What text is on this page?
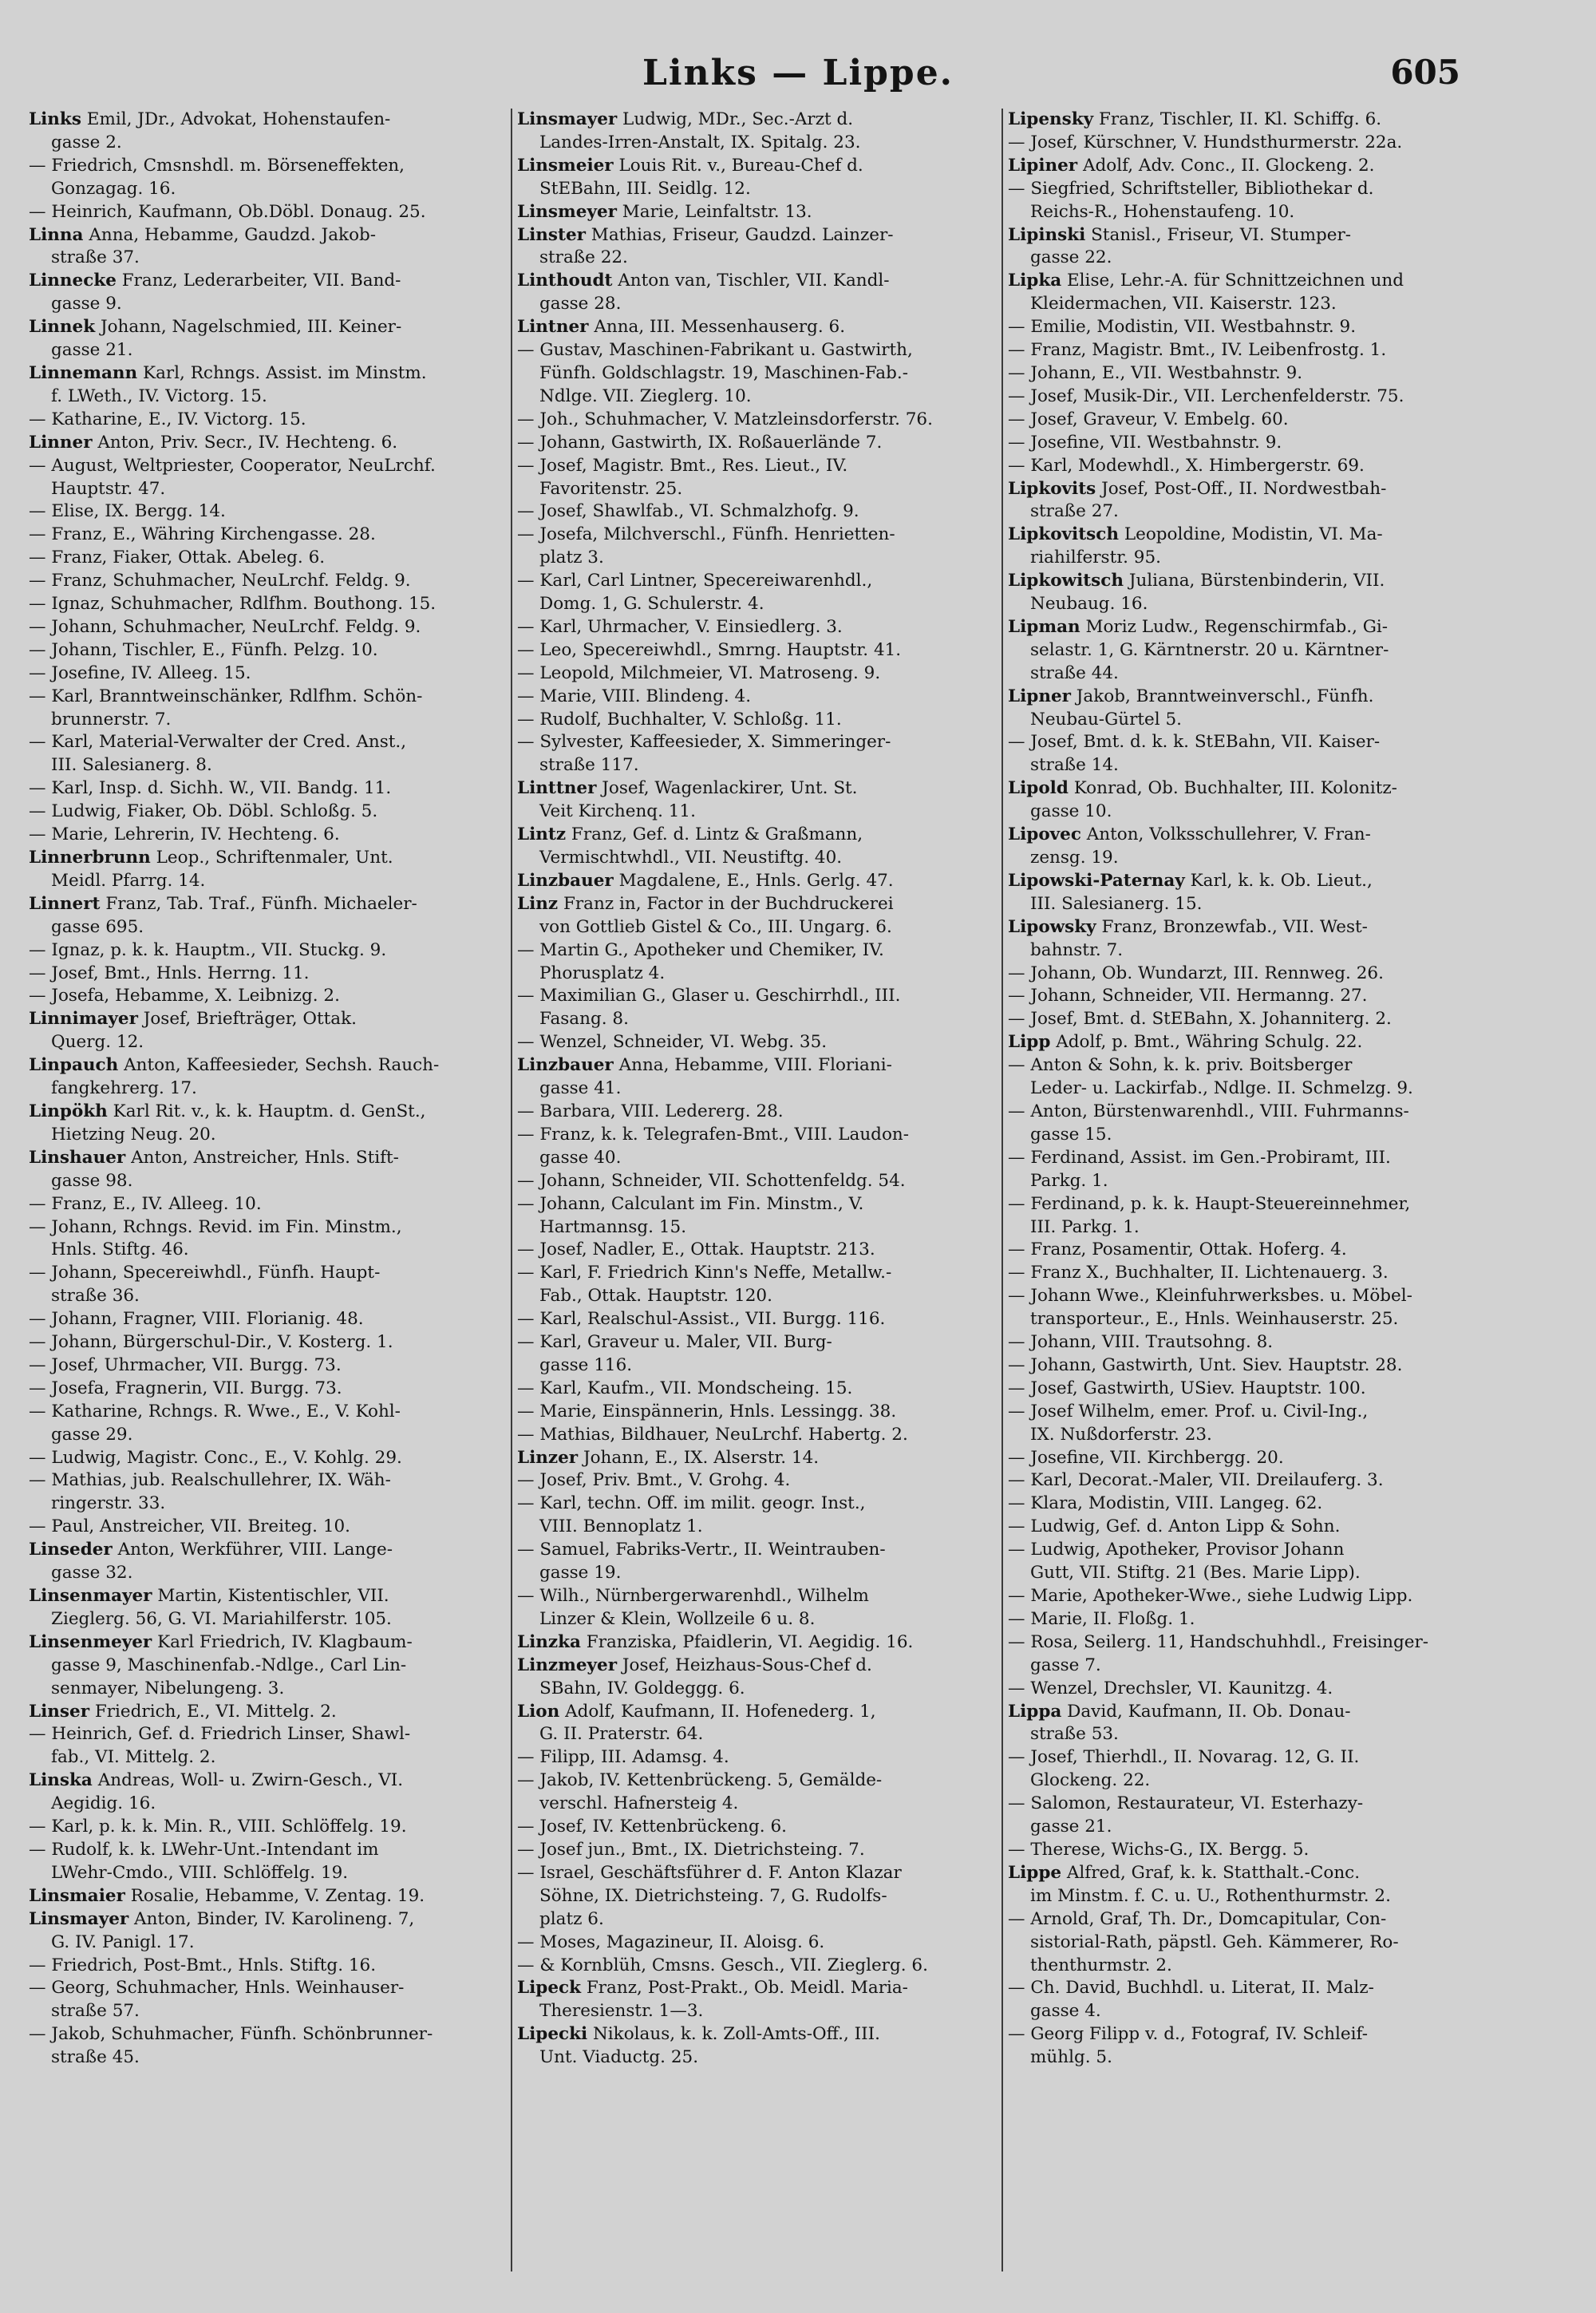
Links — Lippe.	605
Links Emil, JDr., Advokat, Hohenstaufen-
gasse 2.
— Friedrich, Cmsnshdl. m. Börseneffekten,
Gonzagag. 16.
— Heinrich, Kaufmann, Ob.Döbl. Donaug. 25.
Linna Anna, Hebamme, Gaudzd. Jakob-
straße 37.
Linnecke Franz, Lederarbeiter, VII. Band-
gasse 9.
Linnek Johann, Nagelschmied, III. Keiner-
gasse 21.
Linnemann Karl, Rchngs. Assist. im Minstm.
f. LWeth., IV. Victorg. 15.
— Katharine, E., IV. Victorg. 15.
Linner Anton, Priv. Secr., IV. Hechteng. 6.
— August, Weltpriester, Cooperator, NeuLrchf.
Hauptstr. 47.
— Elise, IX. Bergg. 14.
— Franz, E., Währing Kirchengasse. 28.
— Franz, Fiaker, Ottak. Abeleg. 6.
— Franz, Schuhmacher, NeuLrchf. Feldg. 9.
— Ignaz, Schuhmacher, Rdlfhm. Bouthong. 15.
— Johann, Schuhmacher, NeuLrchf. Feldg. 9.
— Johann, Tischler, E., Fünfh. Pelzg. 10.
— Josefine, IV. Alleeg. 15.
— Karl, Branntweinschänker, Rdlfhm. Schön-
brunnerstr. 7.
— Karl, Material-Verwalter der Cred. Anst.,
III. Salesianerg. 8.
— Karl, Insp. d. Sichh. W., VII. Bandg. 11.
— Ludwig, Fiaker, Ob. Döbl. Schloßg. 5.
— Marie, Lehrerin, IV. Hechteng. 6.
Linnerbrunn Leop., Schriftenmaler, Unt.
Meidl. Pfarrg. 14.
Linnert Franz, Tab. Traf., Fünfh. Michaeler-
gasse 695.
— Ignaz, p. k. k. Hauptm., VII. Stuckg. 9.
— Josef, Bmt., Hnls. Herrng. 11.
— Josefa, Hebamme, X. Leibnizg. 2.
Linnimayer Josef, Briefträger, Ottak.
Querg. 12.
Linpauch Anton, Kaffeesieder, Sechsh. Rauch-
fangkehrerg. 17.
Linpökh Karl Rit. v., k. k. Hauptm. d. GenSt.,
Hietzing Neug. 20.
Linshauer Anton, Anstreicher, Hnls. Stift-
gasse 98.
— Franz, E., IV. Alleeg. 10.
— Johann, Rchngs. Revid. im Fin. Minstm.,
Hnls. Stiftg. 46.
— Johann, Specereiwhdl., Fünfh. Haupt-
straße 36.
— Johann, Fragner, VIII. Florianig. 48.
— Johann, Bürgerschul-Dir., V. Kosterg. 1.
— Josef, Uhrmacher, VII. Burgg. 73.
— Josefa, Fragnerin, VII. Burgg. 73.
— Katharine, Rchngs. R. Wwe., E., V. Kohl-
gasse 29.
— Ludwig, Magistr. Conc., E., V. Kohlg. 29.
— Mathias, jub. Realschullehrer, IX. Wäh-
ringerstr. 33.
— Paul, Anstreicher, VII. Breiteg. 10.
Linseder Anton, Werkführer, VIII. Lange-
gasse 32.
Linsenmayer Martin, Kistentischler, VII.
Zieglerg. 56, G. VI. Mariahilferstr. 105.
Linsenmeyer Karl Friedrich, IV. Klagbaum-
gasse 9, Maschinenfab.-Ndlge., Carl Lin-
senmayer, Nibelungeng. 3.
Linser Friedrich, E., VI. Mittelg. 2.
— Heinrich, Gef. d. Friedrich Linser, Shawl-
fab., VI. Mittelg. 2.
Linska Andreas, Woll- u. Zwirn-Gesch., VI.
Aegidig. 16.
— Karl, p. k. k. Min. R., VIII. Schlöffelg. 19.
— Rudolf, k. k. LWehr-Unt.-Intendant im
LWehr-Cmdo., VIII. Schlöffelg. 19.
Linsmaier Rosalie, Hebamme, V. Zentag. 19.
Linsmayer Anton, Binder, IV. Karolineng. 7,
G. IV. Panigl. 17.
— Friedrich, Post-Bmt., Hnls. Stiftg. 16.
— Georg, Schuhmacher, Hnls. Weinhauser-
straße 57.
— Jakob, Schuhmacher, Fünfh. Schönbrunner-
straße 45.
Linsmayer Ludwig, MDr., Sec.-Arzt d.
Landes-Irren-Anstalt, IX. Spitalg. 23.
Linsmeier Louis Rit. v., Bureau-Chef d.
StEBahn, III. Seidlg. 12.
Linsmeyer Marie, Leinfaltstr. 13.
Linster Mathias, Friseur, Gaudzd. Lainzer-
straße 22.
Linthoudt Anton van, Tischler, VII. Kandl-
gasse 28.
Lintner Anna, III. Messenhauserg. 6.
— Gustav, Maschinen-Fabrikant u. Gastwirth,
Fünfh. Goldschlagstr. 19, Maschinen-Fab.-
Ndlge. VII. Zieglerg. 10.
— Joh., Schuhmacher, V. Matzleinsdorferstr. 76.
— Johann, Gastwirth, IX. Roßauerlände 7.
— Josef, Magistr. Bmt., Res. Lieut., IV.
Favoritenstr. 25.
— Josef, Shawlfab., VI. Schmalzhofg. 9.
— Josefa, Milchverschl., Fünfh. Henrietten-
platz 3.
— Karl, Carl Lintner, Specereiwarenhdl.,
Domg. 1, G. Schulerstr. 4.
— Karl, Uhrmacher, V. Einsiedlerg. 3.
— Leo, Specereiwhdl., Smrng. Hauptstr. 41.
— Leopold, Milchmeier, VI. Matroseng. 9.
— Marie, VIII. Blindeng. 4.
— Rudolf, Buchhalter, V. Schloßg. 11.
— Sylvester, Kaffeesieder, X. Simmeringer-
straße 117.
Linttner Josef, Wagenlackirer, Unt. St.
Veit Kirchenq. 11.
Lintz Franz, Gef. d. Lintz & Graßmann,
Vermischtwhdl., VII. Neustiftg. 40.
Linzbauer Magdalene, E., Hnls. Gerlg. 47.
Linz Franz in, Factor in der Buchdruckerei
von Gottlieb Gistel & Co., III. Ungarg. 6.
— Martin G., Apotheker und Chemiker, IV.
Phorusplatz 4.
— Maximilian G., Glaser u. Geschirrhdl., III.
Fasang. 8.
— Wenzel, Schneider, VI. Webg. 35.
Linzbauer Anna, Hebamme, VIII. Floriani-
gasse 41.
— Barbara, VIII. Ledererg. 28.
— Franz, k. k. Telegrafen-Bmt., VIII. Laudon-
gasse 40.
— Johann, Schneider, VII. Schottenfeldg. 54.
— Johann, Calculant im Fin. Minstm., V.
Hartmannsg. 15.
— Josef, Nadler, E., Ottak. Hauptstr. 213.
— Karl, F. Friedrich Kinn's Neffe, Metallw.-
Fab., Ottak. Hauptstr. 120.
— Karl, Realschul-Assist., VII. Burgg. 116.
— Karl, Graveur u. Maler, VII. Burg-
gasse 116.
— Karl, Kaufm., VII. Mondscheing. 15.
— Marie, Einspännerin, Hnls. Lessingg. 38.
— Mathias, Bildhauer, NeuLrchf. Habertg. 2.
Linzer Johann, E., IX. Alserstr. 14.
— Josef, Priv. Bmt., V. Grohg. 4.
— Karl, techn. Off. im milit. geogr. Inst.,
VIII. Bennoplatz 1.
— Samuel, Fabriks-Vertr., II. Weintrauben-
gasse 19.
— Wilh., Nürnbergerwarenhdl., Wilhelm
Linzer & Klein, Wollzeile 6 u. 8.
Linzka Franziska, Pfaidlerin, VI. Aegidig. 16.
Linzmeyer Josef, Heizhaus-Sous-Chef d.
SBahn, IV. Goldeggg. 6.
Lion Adolf, Kaufmann, II. Hofenederg. 1,
G. II. Praterstr. 64.
— Filipp, III. Adamsg. 4.
— Jakob, IV. Kettenbrückeng. 5, Gemälde-
verschl. Hafnersteig 4.
— Josef, IV. Kettenbrückeng. 6.
— Josef jun., Bmt., IX. Dietrichsteing. 7.
— Israel, Geschäftsführer d. F. Anton Klazar
Söhne, IX. Dietrichsteing. 7, G. Rudolfs-
platz 6.
— Moses, Magazineur, II. Aloisg. 6.
— & Kornblüh, Cmsns. Gesch., VII. Zieglerg. 6.
Lipeck Franz, Post-Prakt., Ob. Meidl. Maria-
Theresienstr. 1—3.
Lipecki Nikolaus, k. k. Zoll-Amts-Off., III.
Unt. Viaductg. 25.
Lipensky Franz, Tischler, II. Kl. Schiffg. 6.
— Josef, Kürschner, V. Hundsthurmerstr. 22a.
Lipiner Adolf, Adv. Conc., II. Glockeng. 2.
— Siegfried, Schriftsteller, Bibliothekar d.
Reichs-R., Hohenstaufeng. 10.
Lipinski Stanisl., Friseur, VI. Stumper-
gasse 22.
Lipka Elise, Lehr.-A. für Schnittzeichnen und
Kleidermachen, VII. Kaiserstr. 123.
— Emilie, Modistin, VII. Westbahnstr. 9.
— Franz, Magistr. Bmt., IV. Leibenfrostg. 1.
— Johann, E., VII. Westbahnstr. 9.
— Josef, Musik-Dir., VII. Lerchenfelderstr. 75.
— Josef, Graveur, V. Embelg. 60.
— Josefine, VII. Westbahnstr. 9.
— Karl, Modewhdl., X. Himbergerstr. 69.
Lipkovits Josef, Post-Off., II. Nordwestbah-
straße 27.
Lipkovitsch Leopoldine, Modistin, VI. Ma-
riahilferstr. 95.
Lipkowitsch Juliana, Bürstenbinderin, VII.
Neubaug. 16.
Lipman Moriz Ludw., Regenschirmfab., Gi-
selastr. 1, G. Kärntnerstr. 20 u. Kärntner-
straße 44.
Lipner Jakob, Branntweinverschl., Fünfh.
Neubau-Gürtel 5.
— Josef, Bmt. d. k. k. StEBahn, VII. Kaiser-
straße 14.
Lipold Konrad, Ob. Buchhalter, III. Kolonitz-
gasse 10.
Lipovec Anton, Volksschullehrer, V. Fran-
zensg. 19.
Lipowski-Paternay Karl, k. k. Ob. Lieut.,
III. Salesianerg. 15.
Lipowsky Franz, Bronzewfab., VII. West-
bahnstr. 7.
— Johann, Ob. Wundarzt, III. Rennweg. 26.
— Johann, Schneider, VII. Hermanng. 27.
— Josef, Bmt. d. StEBahn, X. Johanniterg. 2.
Lipp Adolf, p. Bmt., Währing Schulg. 22.
— Anton & Sohn, k. k. priv. Boitsberger
Leder- u. Lackirfab., Ndlge. II. Schmelzg. 9.
— Anton, Bürstenwarenhdl., VIII. Fuhrmanns-
gasse 15.
— Ferdinand, Assist. im Gen.-Probiramt, III.
Parkg. 1.
— Ferdinand, p. k. k. Haupt-Steuereinnehmer,
III. Parkg. 1.
— Franz, Posamentir, Ottak. Hoferg. 4.
— Franz X., Buchhalter, II. Lichtenauerg. 3.
— Johann Wwe., Kleinfuhrwerksbes. u. Möbel-
transporteur., E., Hnls. Weinhauserstr. 25.
— Johann, VIII. Trautsohng. 8.
— Johann, Gastwirth, Unt. Siev. Hauptstr. 28.
— Josef, Gastwirth, USiev. Hauptstr. 100.
— Josef Wilhelm, emer. Prof. u. Civil-Ing.,
IX. Nußdorferstr. 23.
— Josefine, VII. Kirchbergg. 20.
— Karl, Decorat.-Maler, VII. Dreilauferg. 3.
— Klara, Modistin, VIII. Langeg. 62.
— Ludwig, Gef. d. Anton Lipp & Sohn.
— Ludwig, Apotheker, Provisor Johann
Gutt, VII. Stiftg. 21 (Bes. Marie Lipp).
— Marie, Apotheker-Wwe., siehe Ludwig Lipp.
— Marie, II. Floßg. 1.
— Rosa, Seilerg. 11, Handschuhhdl., Freisinger-
gasse 7.
— Wenzel, Drechsler, VI. Kaunitzg. 4.
Lippa David, Kaufmann, II. Ob. Donau-
straße 53.
— Josef, Thierhdl., II. Novarag. 12, G. II.
Glockeng. 22.
— Salomon, Restaurateur, VI. Esterhazy-
gasse 21.
— Therese, Wichs-G., IX. Bergg. 5.
Lippe Alfred, Graf, k. k. Statthalt.-Conc.
im Minstm. f. C. u. U., Rothenthurmstr. 2.
— Arnold, Graf, Th. Dr., Domcapitular, Con-
sistorial-Rath, päpstl. Geh. Kämmerer, Ro-
thenthurmstr. 2.
— Ch. David, Buchhdl. u. Literat, II. Malz-
gasse 4.
— Georg Filipp v. d., Fotograf, IV. Schleif-
mühlg. 5.
